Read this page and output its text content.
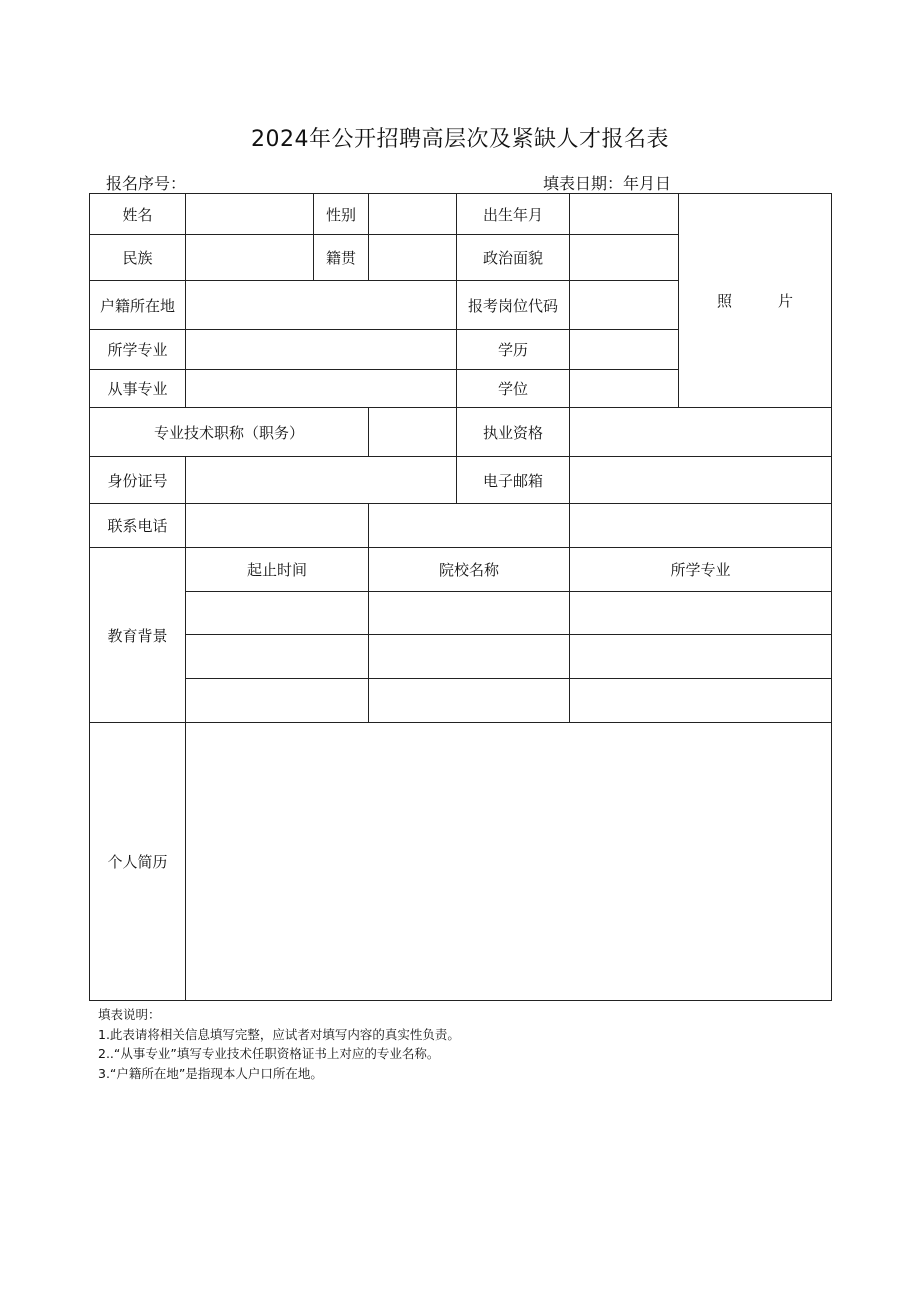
2024年公开招聘高层次及紧缺人才报名表
报名序号：	填表日期：年月日
姓名		性别		出生年月		照 片
民族		籍贯		政治面貌		
户籍所在地				报考岗位代码		
所学专业				学历		
从事专业				学位		
专业技术职称（职务）				执业资格		
身份证号				电子邮箱		
联系电话						
教育背景	起止时间		院校名称		所学专业	

个人简历						
填表说明：
1.此表请将相关信息填写完整，应试者对填写内容的真实性负责。
2..“从事专业”填写专业技术任职资格证书上对应的专业名称。
3.“户籍所在地”是指现本人户口所在地。
